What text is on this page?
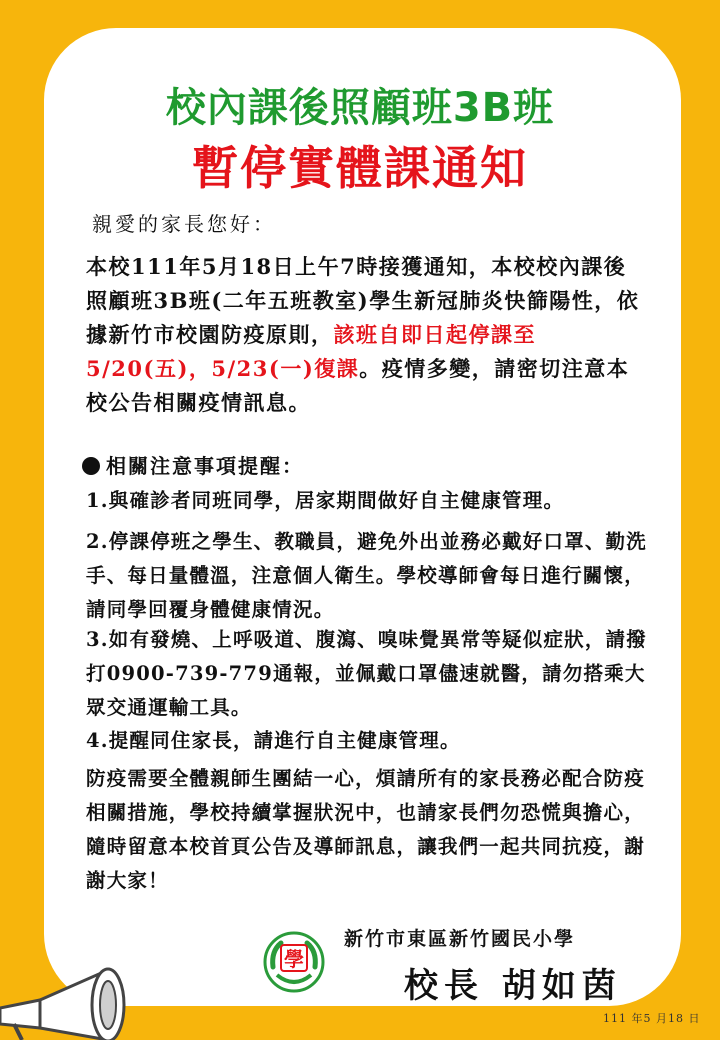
校內課後照顧班3B班
暫停實體課通知
親愛的家長您好：
本校111年5月18日上午7時接獲通知，本校校內課後照顧班3B班(二年五班教室)學生新冠肺炎快篩陽性，依據新竹市校園防疫原則，該班自即日起停課至5/20(五)，5/23(一)復課。疫情多變，請密切注意本校公告相關疫情訊息。
相關注意事項提醒：
1.與確診者同班同學，居家期間做好自主健康管理。
2.停課停班之學生、教職員，避免外出並務必戴好口罩、勤洗手、每日量體溫，注意個人衛生。學校導師會每日進行關懷，請同學回覆身體健康情況。
3.如有發燒、上呼吸道、腹瀉、嗅味覺異常等疑似症狀，請撥打0900-739-779通報，並佩戴口罩儘速就醫，請勿搭乘大眾交通運輸工具。
4.提醒同住家長，請進行自主健康管理。
防疫需要全體親師生團結一心，煩請所有的家長務必配合防疫相關措施，學校持續掌握狀況中，也請家長們勿恐慌與擔心，隨時留意本校首頁公告及導師訊息，讓我們一起共同抗疫，謝謝大家！
學
新竹市東區新竹國民小學
校長 胡如茵
111 年5 月18 日
